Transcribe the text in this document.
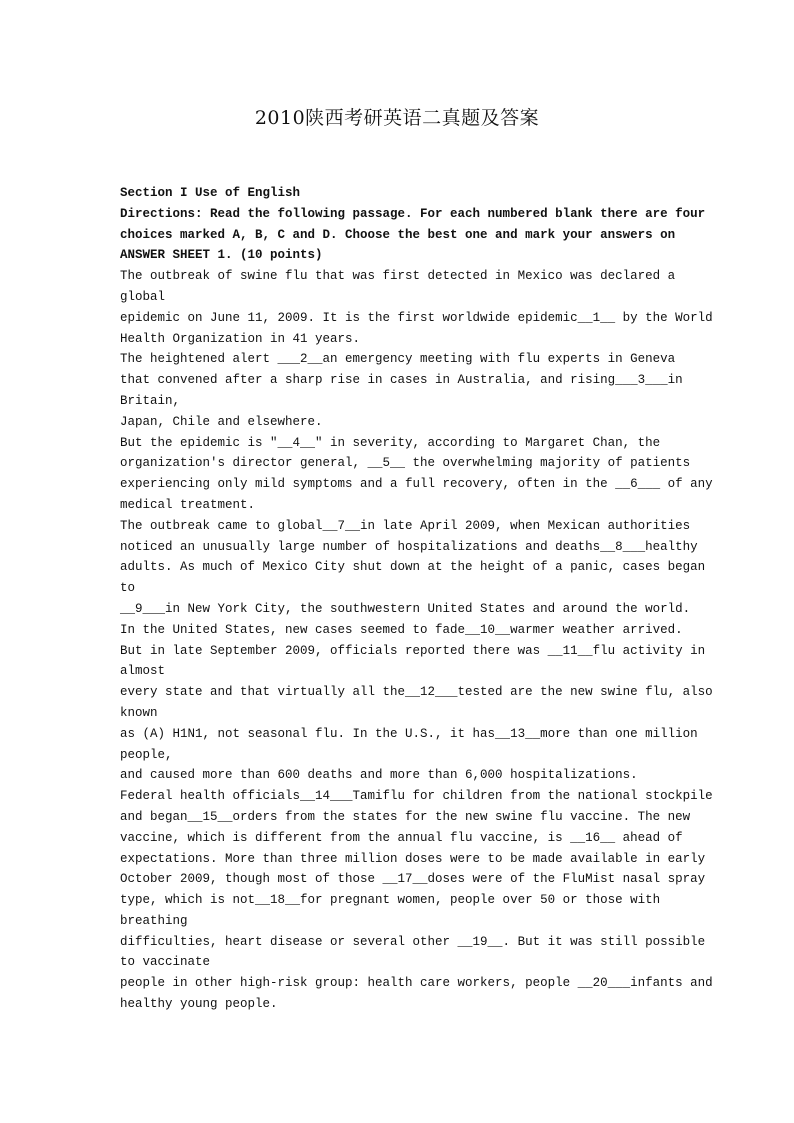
2010陕西考研英语二真题及答案
Section I Use of English
Directions: Read the following passage. For each numbered blank there are four
choices marked A, B, C and D. Choose the best one and mark your answers on
ANSWER SHEET 1. (10 points)
The outbreak of swine flu that was first detected in Mexico was declared a
global
epidemic on June 11, 2009. It is the first worldwide epidemic__1__ by the World
Health Organization in 41 years.
The heightened alert ___2__an emergency meeting with flu experts in Geneva
that convened after a sharp rise in cases in Australia, and rising___3___in
Britain,
Japan, Chile and elsewhere.
But the epidemic is "__4__" in severity, according to Margaret Chan, the
organization's director general, __5__ the overwhelming majority of patients
experiencing only mild symptoms and a full recovery, often in the __6___ of any
medical treatment.
The outbreak came to global__7__in late April 2009, when Mexican authorities
noticed an unusually large number of hospitalizations and deaths__8___healthy
adults. As much of Mexico City shut down at the height of a panic, cases began
to
__9___in New York City, the southwestern United States and around the world.
In the United States, new cases seemed to fade__10__warmer weather arrived.
But in late September 2009, officials reported there was __11__flu activity in
almost
every state and that virtually all the__12___tested are the new swine flu, also
known
as (A) H1N1, not seasonal flu. In the U.S., it has__13__more than one million
people,
and caused more than 600 deaths and more than 6,000 hospitalizations.
Federal health officials__14___Tamiflu for children from the national stockpile
and began__15__orders from the states for the new swine flu vaccine. The new
vaccine, which is different from the annual flu vaccine, is __16__ ahead of
expectations. More than three million doses were to be made available in early
October 2009, though most of those __17__doses were of the FluMist nasal spray
type, which is not__18__for pregnant women, people over 50 or those with
breathing
difficulties, heart disease or several other __19__. But it was still possible
to vaccinate
people in other high-risk group: health care workers, people __20___infants and
healthy young people.
